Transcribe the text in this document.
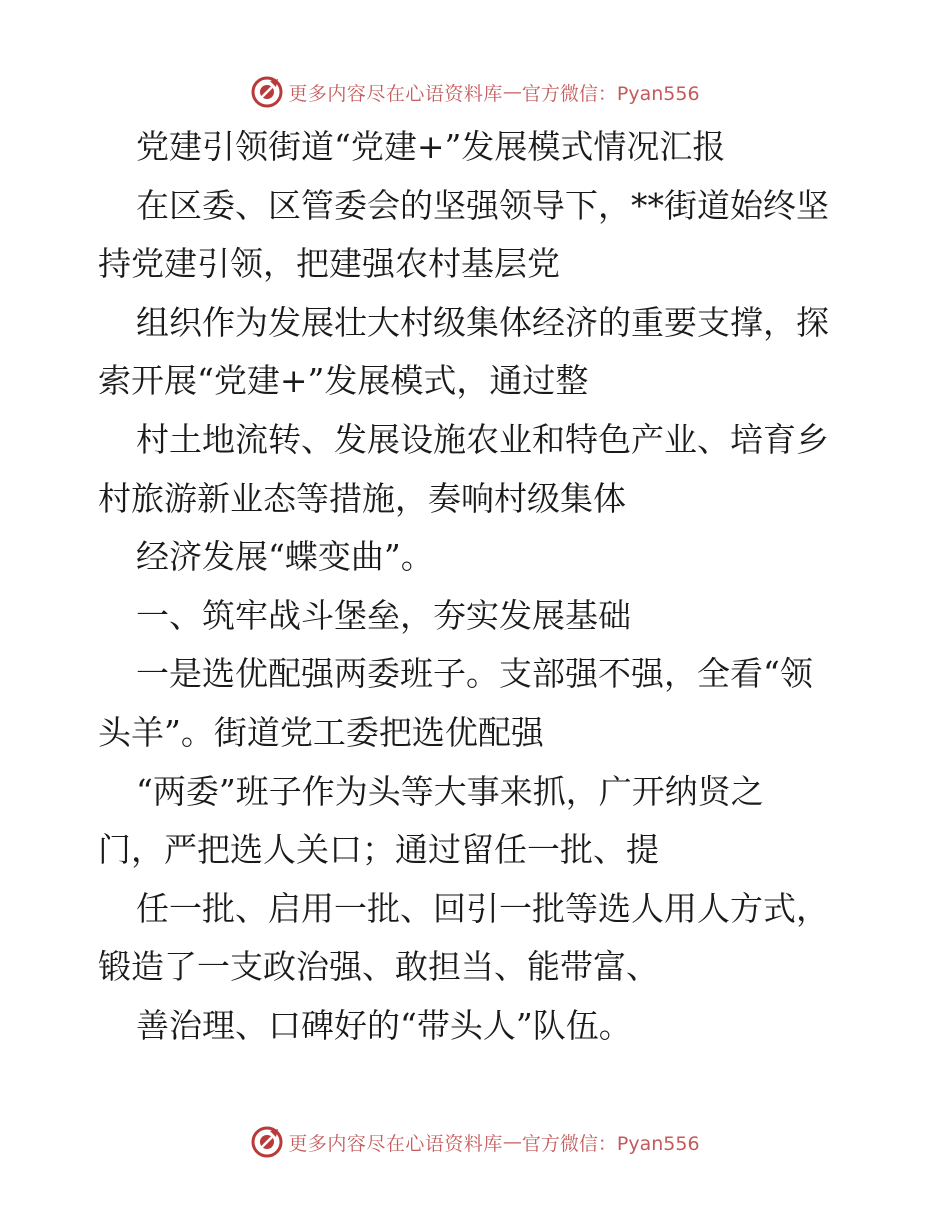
更多内容尽在心语资料库 — 官方微信：Pyan556
党建引领街道“党建+”发展模式情况汇报
在区委、区管委会的坚强领导下，**街道始终坚
持党建引领，把建强农村基层党
组织作为发展壮大村级集体经济的重要支撑，探
索开展“党建+”发展模式，通过整
村土地流转、发展设施农业和特色产业、培育乡
村旅游新业态等措施，奏响村级集体
经济发展“蝶变曲”。
一、筑牢战斗堡垒，夯实发展基础
一是选优配强两委班子。支部强不强，全看“领
头羊”。街道党工委把选优配强
“两委”班子作为头等大事来抓，广开纳贤之
门，严把选人关口；通过留任一批、提
任一批、启用一批、回引一批等选人用人方式，
锻造了一支政治强、敢担当、能带富、
善治理、口碑好的“带头人”队伍。
更多内容尽在心语资料库 — 官方微信：Pyan556
